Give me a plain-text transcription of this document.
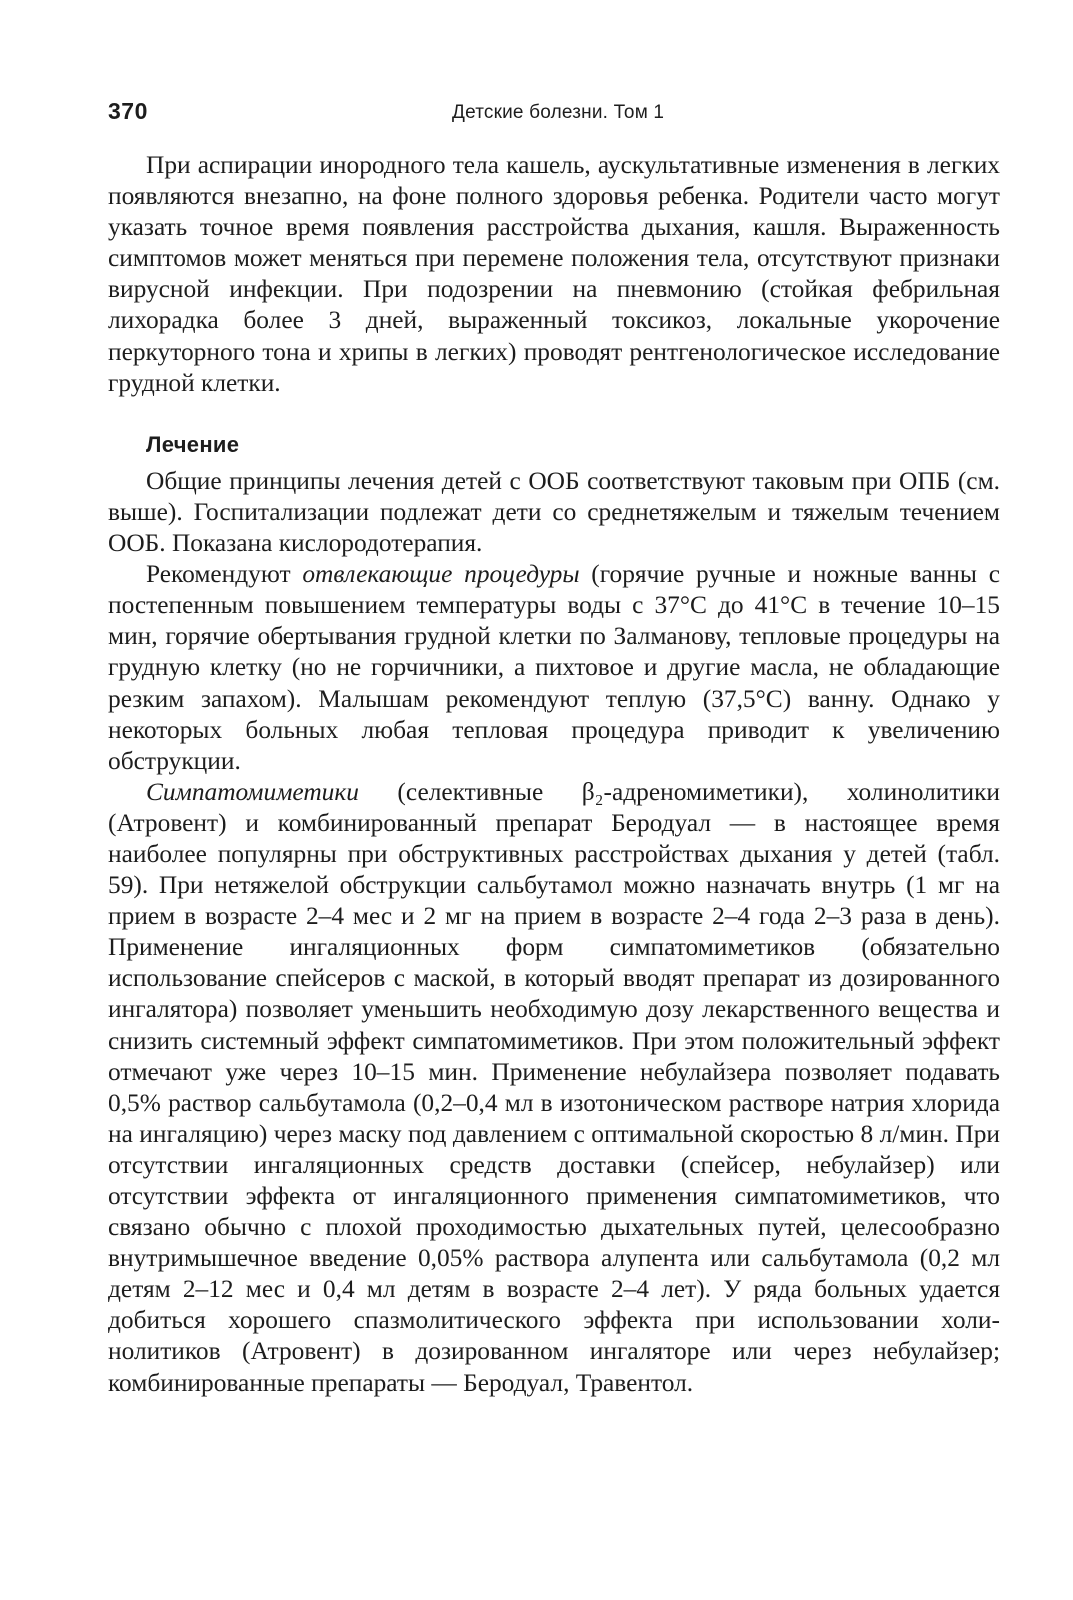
370	Детские болезни. Том 1

При аспирации инородного тела кашель, аускультативные изменения в легких появляются внезапно, на фоне полного здоровья ребенка. Родители часто могут указать точное время появления расстройства дыхания, кашля. Выраженность симптомов может меняться при перемене положения тела, отсутствуют признаки вирусной инфекции. При подозрении на пневмонию (стойкая фебрильная лихорадка более 3 дней, выраженный токсикоз, локальные укорочение перкуторного тона и хрипы в легких) проводят рентгенологическое исследование грудной клетки.

Лечение

Общие принципы лечения детей с ООБ соответствуют таковым при ОПБ (см. выше). Госпитализации подлежат дети со среднетяжелым и тяжелым течением ООБ. Показана кислородотерапия.

Рекомендуют отвлекающие процедуры (горячие ручные и ножные ванны с постепенным повышением температуры воды с 37°С до 41°С в течение 10–15 мин, горячие обертывания грудной клетки по Залманову, тепловые процедуры на грудную клетку (но не горчичники, а пихтовое и другие масла, не обладающие резким запахом). Малышам рекомендуют теплую (37,5°С) ванну. Однако у некоторых больных любая тепловая процедура приводит к увеличению обструкции.

Симпатомиметики (селективные β₂-адреномиметики), холинолитики (Атровент) и комбинированный препарат Беродуал — в настоящее время наиболее популярны при обструктивных расстройствах дыхания у детей (табл. 59). При нетяжелой обструкции сальбутамол можно назначать внутрь (1 мг на прием в возрасте 2–4 мес и 2 мг на прием в возрасте 2–4 года 2–3 раза в день). Применение ингаляционных форм симпатомиметиков (обязательно использование спейсеров с маской, в который вводят препарат из дозированного ингалятора) позволяет уменьшить необходимую дозу лекарственного вещества и снизить системный эффект симпатомиметиков. При этом положительный эффект отмечают уже через 10–15 мин. Применение небулайзера позволяет подавать 0,5% раствор сальбутамола (0,2–0,4 мл в изотоническом растворе натрия хлорида на ингаляцию) через маску под давлением с оптимальной скоростью 8 л/мин. При отсутствии ингаляционных средств доставки (спейсер, небулайзер) или отсутствии эффекта от ингаляционного применения симпатомиметиков, что связано обычно с плохой проходимостью дыхательных путей, целесообразно внутримышечное введение 0,05% раствора алупента или сальбутамола (0,2 мл детям 2–12 мес и 0,4 мл детям в возрасте 2–4 лет). У ряда больных удается добиться хорошего спазмолитического эффекта при использовании холинолитиков (Атровент) в дозированном ингаляторе или через небулайзер; комбинированные препараты — Беродуал, Травентол.
